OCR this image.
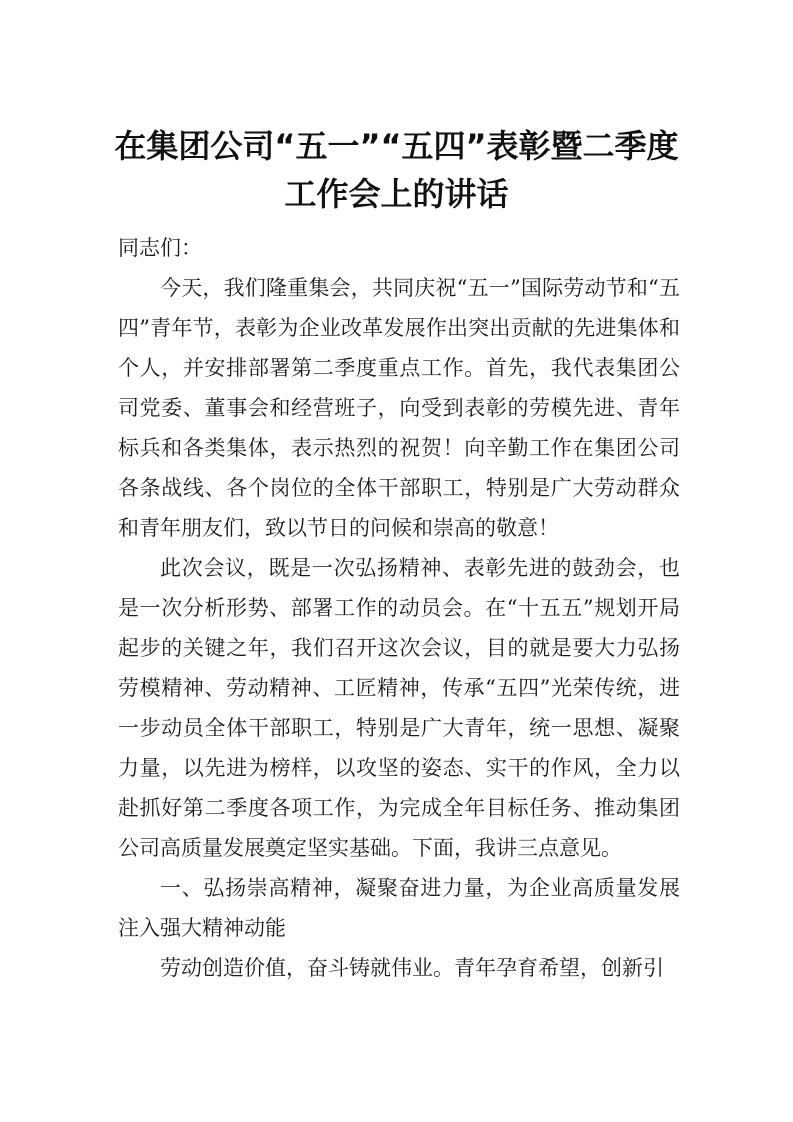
在集团公司“五一”“五四”表彰暨二季度
工作会上的讲话

同志们：

今天，我们隆重集会，共同庆祝“五一”国际劳动节和“五四”青年节，表彰为企业改革发展作出突出贡献的先进集体和个人，并安排部署第二季度重点工作。首先，我代表集团公司党委、董事会和经营班子，向受到表彰的劳模先进、青年标兵和各类集体，表示热烈的祝贺！向辛勤工作在集团公司各条战线、各个岗位的全体干部职工，特别是广大劳动群众和青年朋友们，致以节日的问候和崇高的敬意！

此次会议，既是一次弘扬精神、表彰先进的鼓劲会，也是一次分析形势、部署工作的动员会。在“十五五”规划开局起步的关键之年，我们召开这次会议，目的就是要大力弘扬劳模精神、劳动精神、工匠精神，传承“五四”光荣传统，进一步动员全体干部职工，特别是广大青年，统一思想、凝聚力量，以先进为榜样，以攻坚的姿态、实干的作风，全力以赴抓好第二季度各项工作，为完成全年目标任务、推动集团公司高质量发展奠定坚实基础。下面，我讲三点意见。

一、弘扬崇高精神，凝聚奋进力量，为企业高质量发展注入强大精神动能

劳动创造价值，奋斗铸就伟业。青年孕育希望，创新引
